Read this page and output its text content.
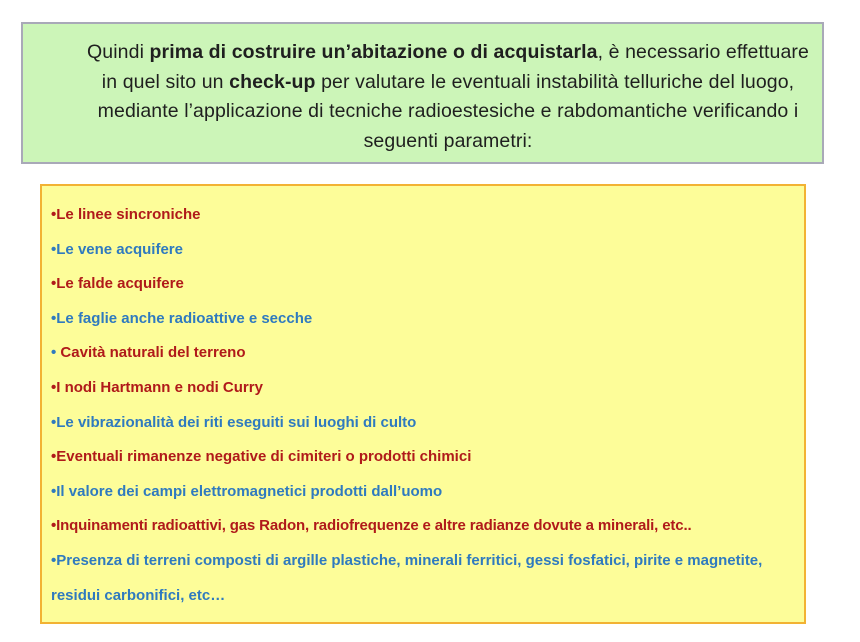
Quindi prima di costruire un’abitazione o di acquistarla, è necessario effettuare in quel sito un check-up per valutare le eventuali instabilità telluriche del luogo, mediante l’applicazione di tecniche radioestesiche e rabdomantiche verificando i seguenti parametri:
•Le linee sincroniche
•Le vene acquifere
•Le falde acquifere
•Le faglie anche radioattive e secche
• Cavità naturali del terreno
•I nodi Hartmann e nodi Curry
•Le vibrazionalità dei riti eseguiti sui luoghi di culto
•Eventuali rimanenze negative di cimiteri o prodotti chimici
•Il valore dei campi elettromagnetici prodotti dall’uomo
•Inquinamenti radioattivi, gas Radon, radiofrequenze e altre radianze dovute a minerali, etc..
•Presenza di terreni composti di argille plastiche, minerali ferritici, gessi fosfatici, pirite e magnetite, residui carbonifici, etc…
